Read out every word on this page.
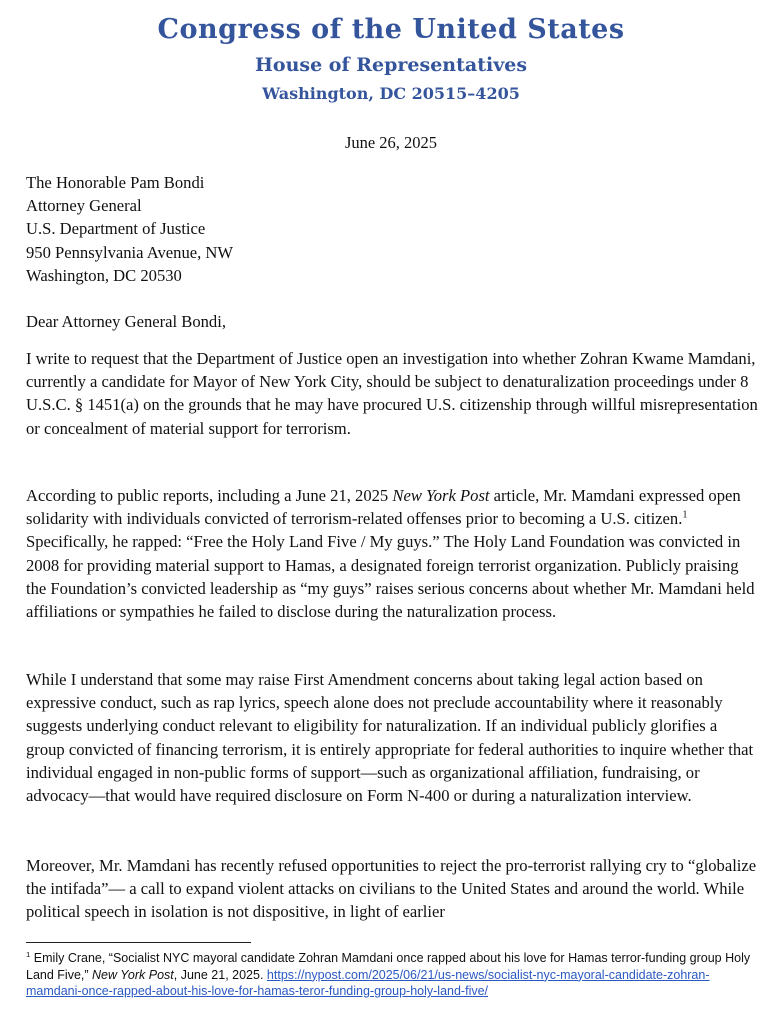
Congress of the United States
House of Representatives
Washington, DC 20515–4205
June 26, 2025
The Honorable Pam Bondi
Attorney General
U.S. Department of Justice
950 Pennsylvania Avenue, NW
Washington, DC 20530
Dear Attorney General Bondi,

I write to request that the Department of Justice open an investigation into whether Zohran Kwame Mamdani, currently a candidate for Mayor of New York City, should be subject to denaturalization proceedings under 8 U.S.C. § 1451(a) on the grounds that he may have procured U.S. citizenship through willful misrepresentation or concealment of material support for terrorism.

According to public reports, including a June 21, 2025 New York Post article, Mr. Mamdani expressed open solidarity with individuals convicted of terrorism-related offenses prior to becoming a U.S. citizen.$^1$ Specifically, he rapped: “Free the Holy Land Five / My guys.” The Holy Land Foundation was convicted in 2008 for providing material support to Hamas, a designated foreign terrorist organization. Publicly praising the Foundation’s convicted leadership as “my guys” raises serious concerns about whether Mr. Mamdani held affiliations or sympathies he failed to disclose during the naturalization process.

While I understand that some may raise First Amendment concerns about taking legal action based on expressive conduct, such as rap lyrics, speech alone does not preclude accountability where it reasonably suggests underlying conduct relevant to eligibility for naturalization. If an individual publicly glorifies a group convicted of financing terrorism, it is entirely appropriate for federal authorities to inquire whether that individual engaged in non-public forms of support—such as organizational affiliation, fundraising, or advocacy—that would have required disclosure on Form N-400 or during a naturalization interview.

Moreover, Mr. Mamdani has recently refused opportunities to reject the pro-terrorist rallying cry to “globalize the intifada”— a call to expand violent attacks on civilians to the United States and around the world. While political speech in isolation is not dispositive, in light of earlier

$^1$ Emily Crane, “Socialist NYC mayoral candidate Zohran Mamdani once rapped about his love for Hamas terror-funding group Holy Land Five,” New York Post, June 21, 2025. https://nypost.com/2025/06/21/us-news/socialist-nyc-mayoral-candidate-zohran-mamdani-once-rapped-about-his-love-for-hamas-teror-funding-group-holy-land-five/
